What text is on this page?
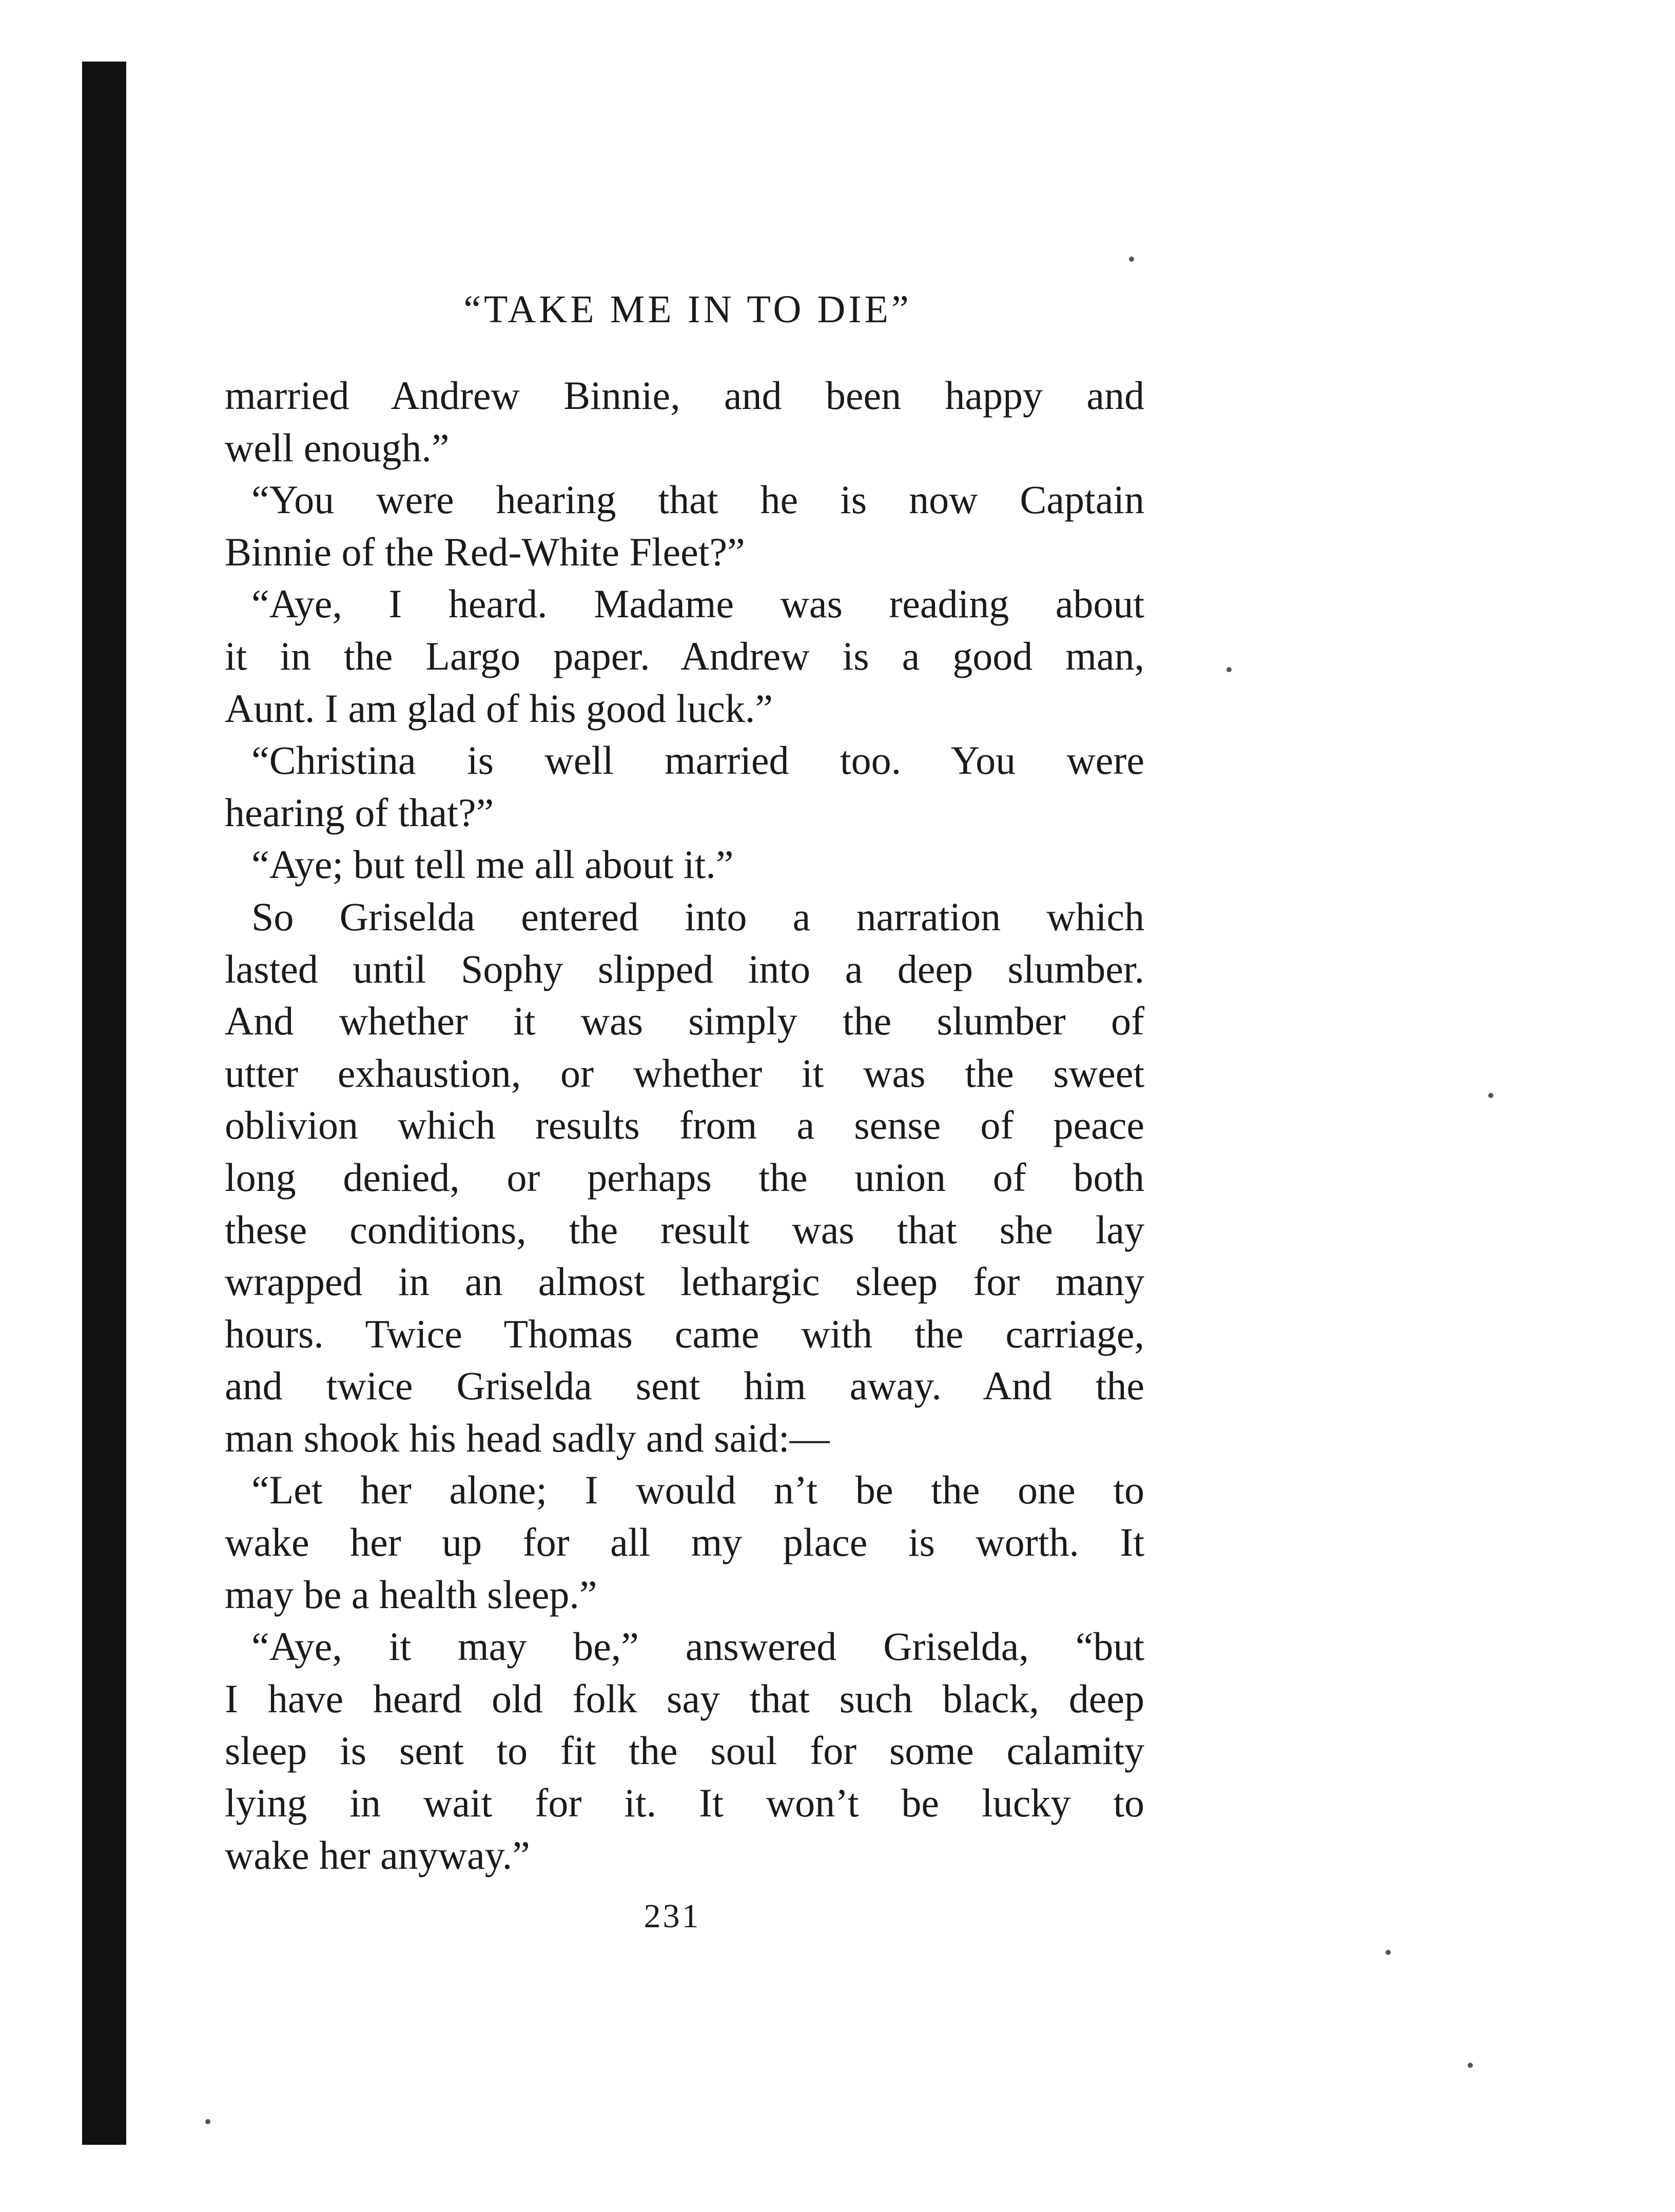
“TAKE ME IN TO DIE”
married Andrew Binnie, and been happy and
well enough.”
“You were hearing that he is now Captain
Binnie of the Red-White Fleet?”
“Aye, I heard. Madame was reading about
it in the Largo paper. Andrew is a good man,
Aunt. I am glad of his good luck.”
“Christina is well married too. You were
hearing of that?”
“Aye; but tell me all about it.”
So Griselda entered into a narration which
lasted until Sophy slipped into a deep slumber.
And whether it was simply the slumber of
utter exhaustion, or whether it was the sweet
oblivion which results from a sense of peace
long denied, or perhaps the union of both
these conditions, the result was that she lay
wrapped in an almost lethargic sleep for many
hours. Twice Thomas came with the carriage,
and twice Griselda sent him away. And the
man shook his head sadly and said:—
“Let her alone; I would n’t be the one to
wake her up for all my place is worth. It
may be a health sleep.”
“Aye, it may be,” answered Griselda, “but
I have heard old folk say that such black, deep
sleep is sent to fit the soul for some calamity
lying in wait for it. It won’t be lucky to
wake her anyway.”
231
